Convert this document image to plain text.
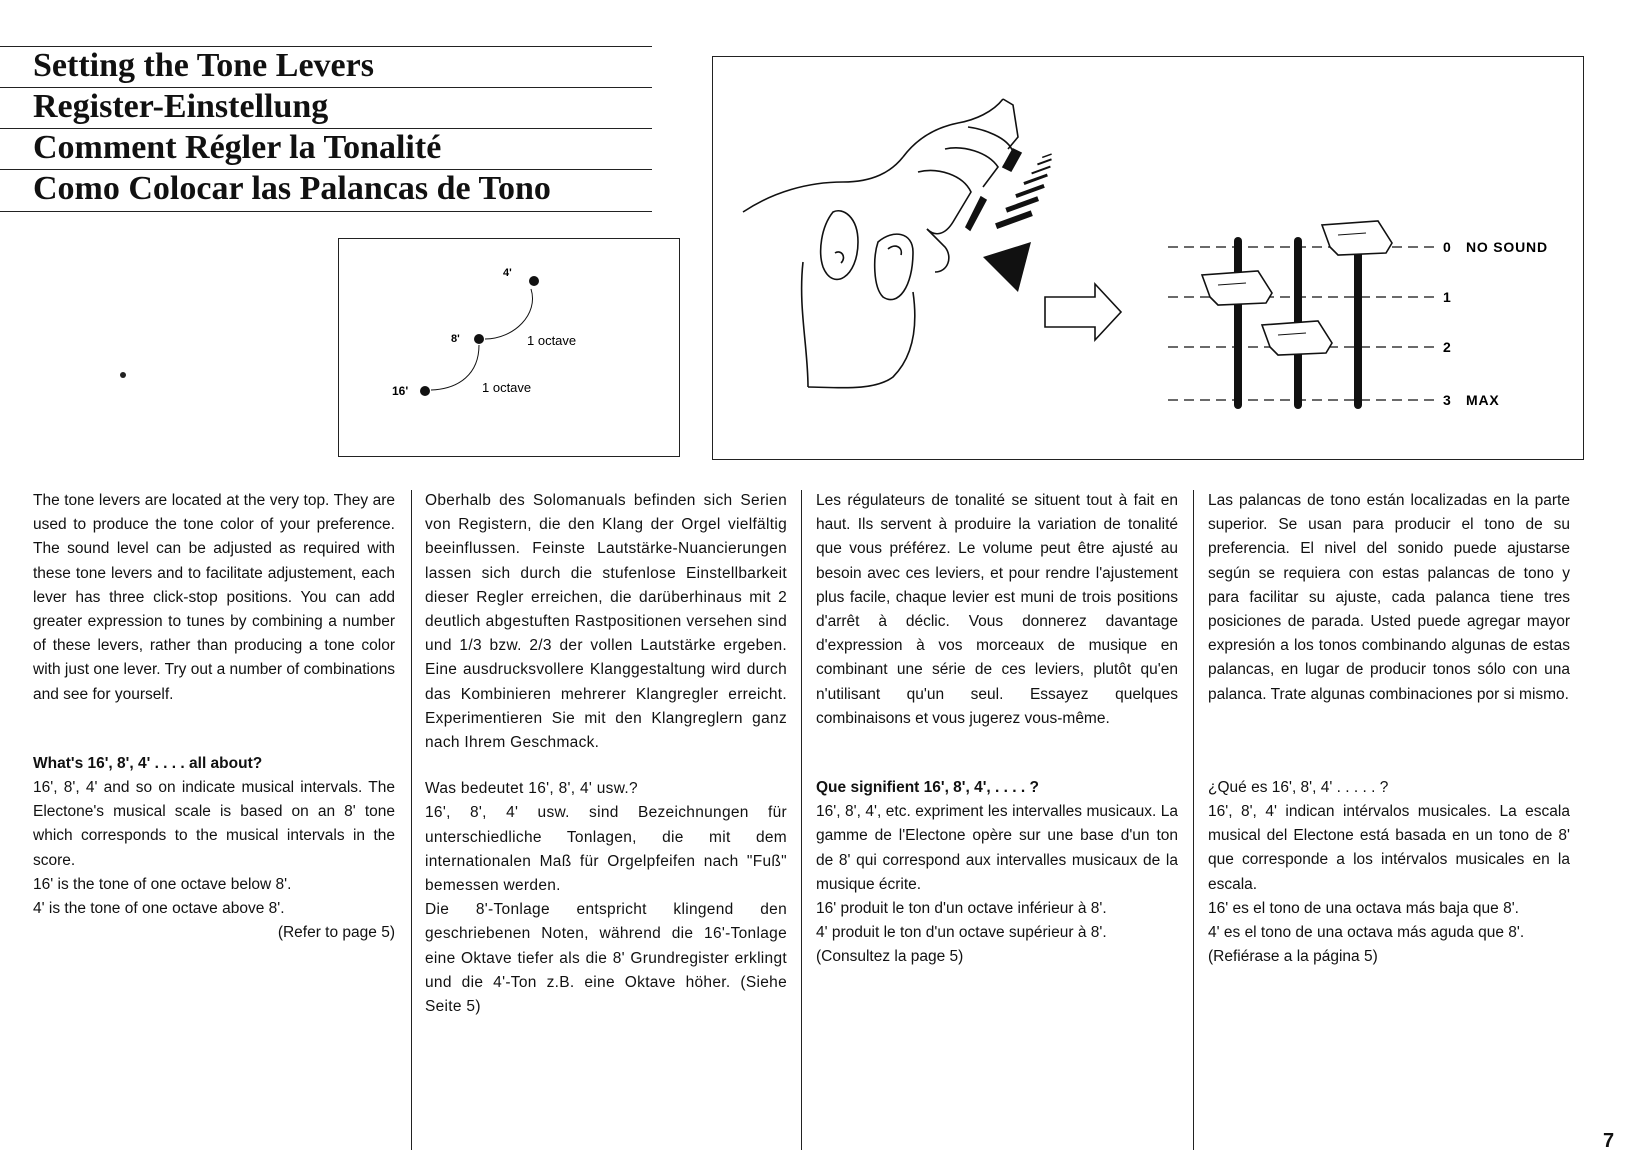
Setting the Tone Levers
Register-Einstellung
Comment Régler la Tonalité
Como Colocar las Palancas de Tono
4'
8'
16'
1 octave
1 octave
0
1
2
3
NO SOUND
MAX

The tone levers are located at the very top. They are used to produce the tone color of your preference. The sound level can be adjusted as required with these tone levers and to facilitate adjustement, each lever has three click-stop positions. You can add greater expression to tunes by combining a number of these levers, rather than producing a tone color with just one lever. Try out a number of combinations and see for yourself.

What's 16', 8', 4' . . . . all about?

16', 8', 4' and so on indicate musical intervals. The Electone's musical scale is based on an 8' tone which corresponds to the musical intervals in the score.

16' is the tone of one octave below 8'.

4' is the tone of one octave above 8'.

(Refer to page 5)

Oberhalb des Solomanuals befinden sich Serien von Registern, die den Klang der Orgel vielfältig beeinflussen. Feinste Lautstärke-Nuancierungen lassen sich durch die stufenlose Einstellbarkeit dieser Regler erreichen, die darüberhinaus mit 2 deutlich abgestuften Rastpositionen versehen sind und 1/3 bzw. 2/3 der vollen Lautstärke ergeben. Eine ausdrucksvollere Klanggestaltung wird durch das Kombinieren mehrerer Klangregler erreicht. Experimentieren Sie mit den Klangreglern ganz nach Ihrem Geschmack.

Was bedeutet 16', 8', 4' usw.?

16', 8', 4' usw. sind Bezeichnungen für unterschiedliche Tonlagen, die mit dem internationalen Maß für Orgelpfeifen nach "Fuß" bemessen werden.

Die 8'-Tonlage entspricht klingend den geschriebenen Noten, während die 16'-Tonlage eine Oktave tiefer als die 8' Grundregister erklingt und die 4'-Ton z.B. eine Oktave höher. (Siehe Seite 5)

Les régulateurs de tonalité se situent tout à fait en haut. Ils servent à produire la variation de tonalité que vous préférez. Le volume peut être ajusté au besoin avec ces leviers, et pour rendre l'ajustement plus facile, chaque levier est muni de trois positions d'arrêt à déclic. Vous donnerez davantage d'expression à vos morceaux de musique en combinant une série de ces leviers, plutôt qu'en n'utilisant qu'un seul. Essayez quelques combinaisons et vous jugerez vous-même.

Que signifient 16', 8', 4', . . . . ?

16', 8', 4', etc. expriment les intervalles musicaux. La gamme de l'Electone opère sur une base d'un ton de 8' qui correspond aux intervalles musicaux de la musique écrite.

16' produit le ton d'un octave inférieur à 8'.

4' produit le ton d'un octave supérieur à 8'.

(Consultez la page 5)

Las palancas de tono están localizadas en la parte superior. Se usan para producir el tono de su preferencia. El nivel del sonido puede ajustarse según se requiera con estas palancas de tono y para facilitar su ajuste, cada palanca tiene tres posiciones de parada. Usted puede agregar mayor expresión a los tonos combinando algunas de estas palancas, en lugar de producir tonos sólo con una palanca. Trate algunas combinaciones por si mismo.

¿Qué es 16', 8', 4' . . . . . ?

16', 8', 4' indican intérvalos musicales. La escala musical del Electone está basada en un tono de 8' que corresponde a los intérvalos musicales en la escala.

16' es el tono de una octava más baja que 8'.

4' es el tono de una octava más aguda que 8'.

(Refiérase a la página 5)

7
